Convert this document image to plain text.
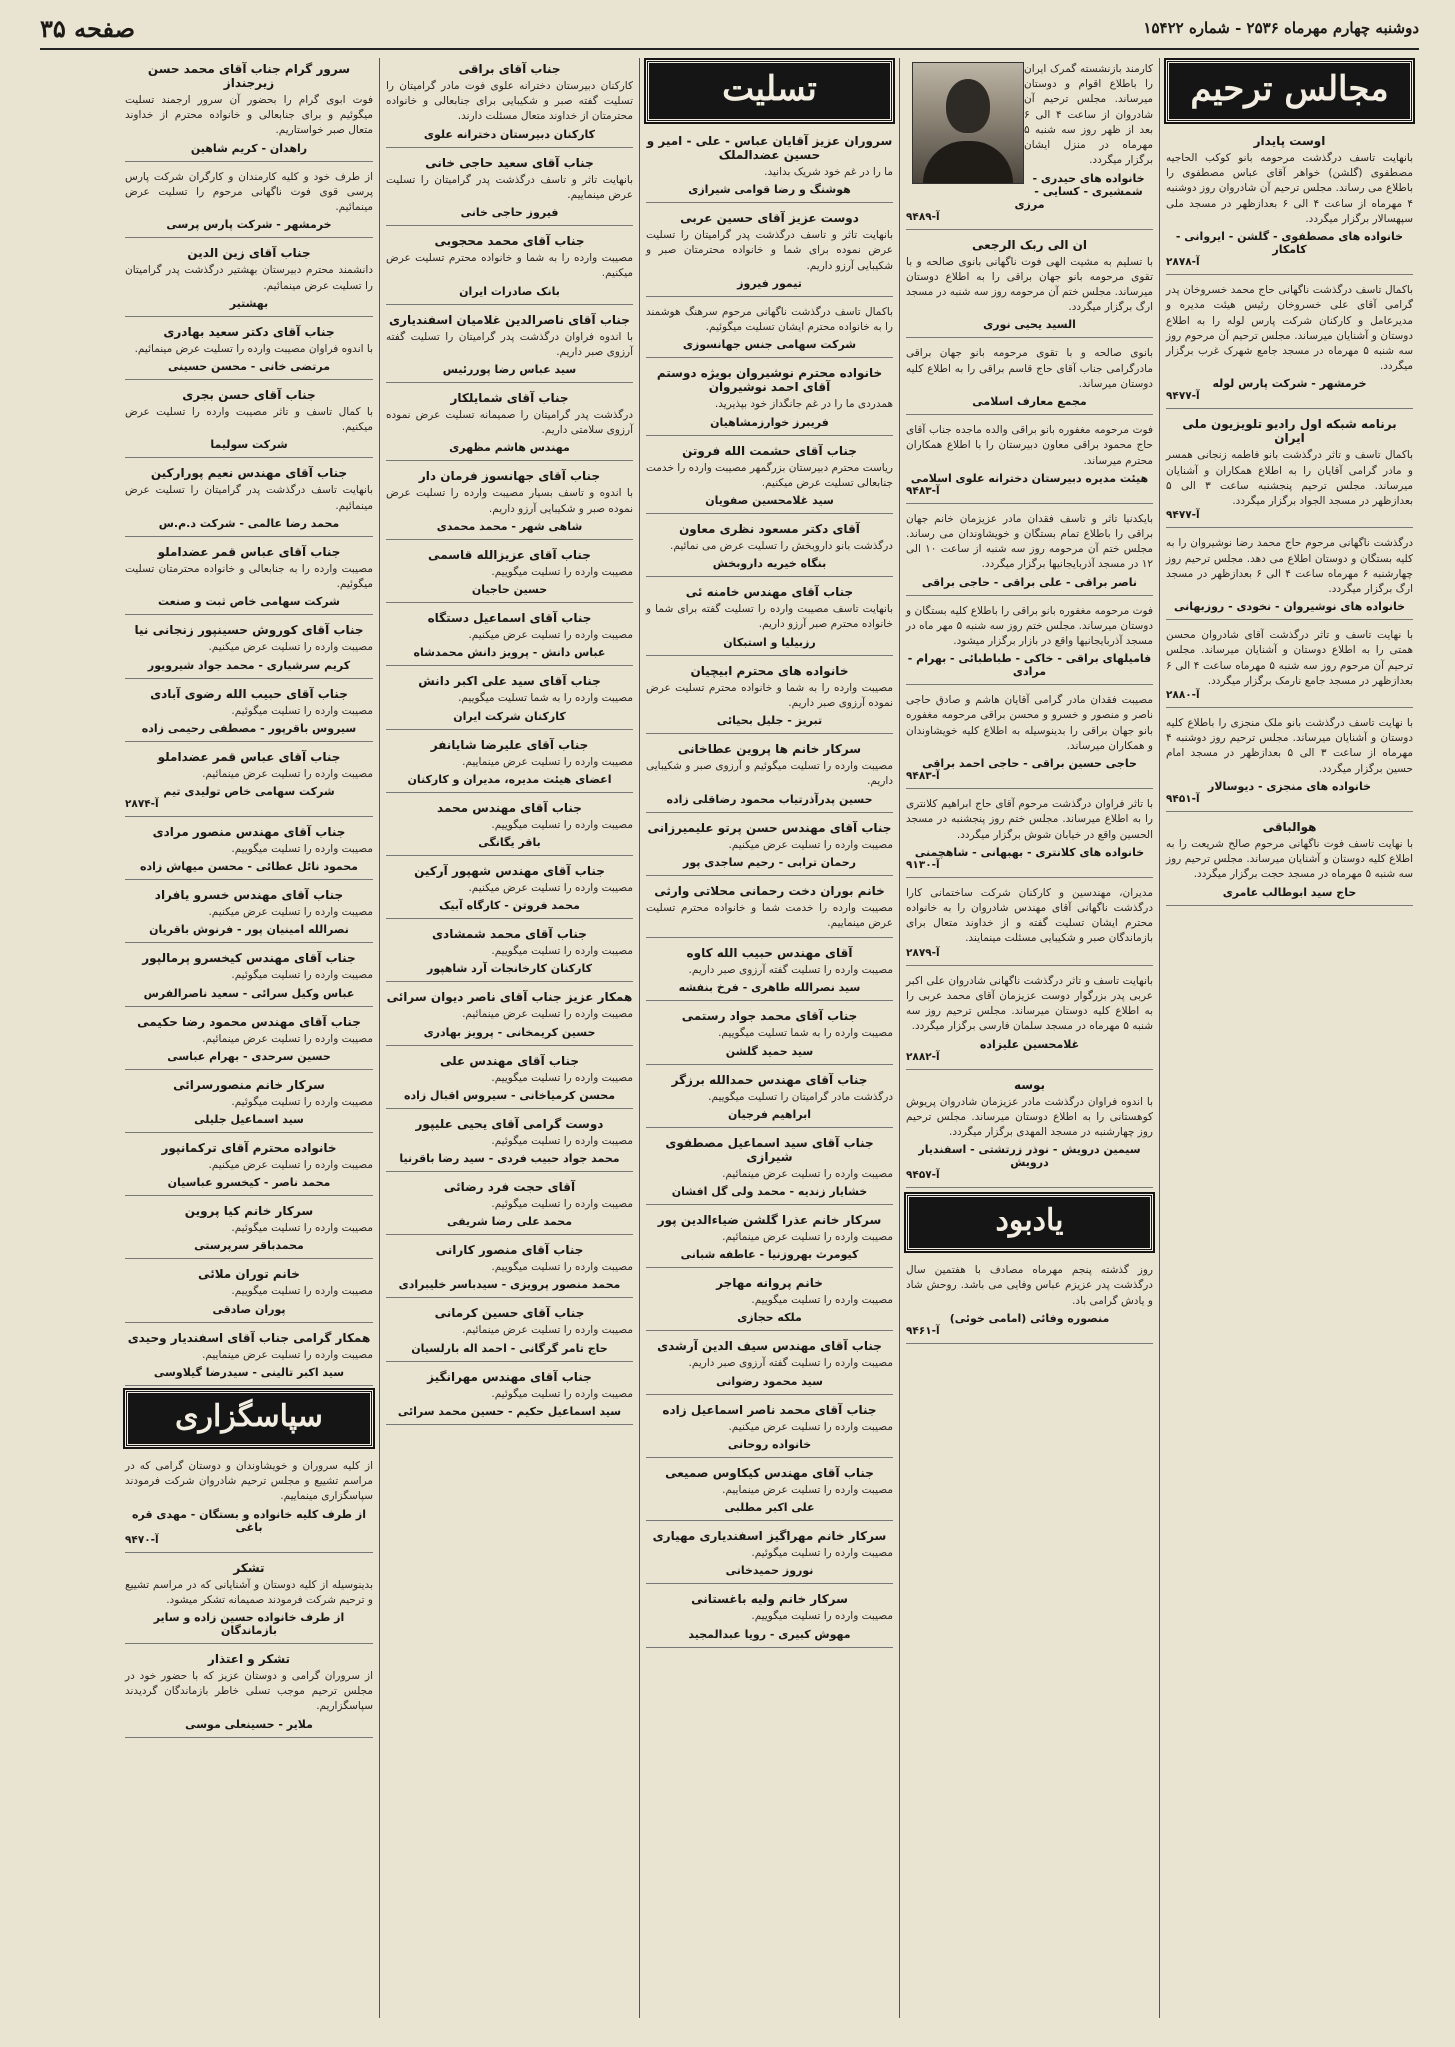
دوشنبه چهارم مهرماه ۲۵۳۶ - شماره ۱۵۴۲۲
صفحه ۳۵
مجالس ترحیم
اوست پایدار
بانهایت تاسف درگذشت مرحومه بانو کوکب الحاجیه مصطفوی (گلشن) خواهر آقای عباس مصطفوی را باطلاع می رساند. مجلس ترحیم آن شادروان روز دوشنبه ۴ مهرماه از ساعت ۴ الی ۶ بعدازظهر در مسجد ملی سپهسالار برگزار میگردد.
خانواده های مصطفوی - گلشن - ایروانی - کامکار
آ-۲۸۷۸
باکمال تاسف درگذشت ناگهانی حاج محمد خسروخان پدر گرامی آقای علی خسروخان رئیس هیئت مدیره و مدیرعامل و کارکنان شرکت پارس لوله را به اطلاع دوستان و آشنایان میرساند. مجلس ترحیم آن مرحوم روز سه شنبه ۵ مهرماه در مسجد جامع شهرک غرب برگزار میگردد.
خرمشهر - شرکت پارس لوله
آ-۹۴۷۷
برنامه شبکه اول رادیو تلویزیون ملی ایران
باکمال تاسف و تاثر درگذشت بانو فاطمه زنجانی همسر و مادر گرامی آقایان را به اطلاع همکاران و آشنایان میرساند. مجلس ترحیم پنجشنبه ساعت ۳ الی ۵ بعدازظهر در مسجد الجواد برگزار میگردد.
آ-۹۴۷۷
درگذشت ناگهانی مرحوم حاج محمد رضا نوشیروان را به کلیه بستگان و دوستان اطلاع می دهد. مجلس ترحیم روز چهارشنبه ۶ مهرماه ساعت ۴ الی ۶ بعدازظهر در مسجد ارگ برگزار میگردد.
خانواده های نوشیروان - نخودی - روزبهانی
با نهایت تاسف و تاثر درگذشت آقای شادروان محسن همتی را به اطلاع دوستان و آشنایان میرساند. مجلس ترحیم آن مرحوم روز سه شنبه ۵ مهرماه ساعت ۴ الی ۶ بعدازظهر در مسجد جامع نارمک برگزار میگردد.
آ-۲۸۸۰
با نهایت تاسف درگذشت بانو ملک منجزی را باطلاع کلیه دوستان و آشنایان میرساند. مجلس ترحیم روز دوشنبه ۴ مهرماه از ساعت ۳ الی ۵ بعدازظهر در مسجد امام حسین برگزار میگردد.
خانواده های منجزی - دیوسالار
آ-۹۴۵۱
هوالباقی
با نهایت تاسف فوت ناگهانی مرحوم صالح شریعت را به اطلاع کلیه دوستان و آشنایان میرساند. مجلس ترحیم روز سه شنبه ۵ مهرماه در مسجد حجت برگزار میگردد.
حاج سید ابوطالب عامری
کارمند بازنشسته گمرک ایران را باطلاع اقوام و دوستان میرساند. مجلس ترحیم آن شادروان از ساعت ۴ الی ۶ بعد از ظهر روز سه شنبه ۵ مهرماه در منزل ایشان برگزار میگردد.
خانواده های حیدری - شمشیری - کسایی - مرزی
آ-۹۴۸۹
ان الی ربک الرجعی
با تسلیم به مشیت الهی فوت ناگهانی بانوی صالحه و با تقوی مرحومه بانو جهان براقی را به اطلاع دوستان میرساند. مجلس ختم آن مرحومه روز سه شنبه در مسجد ارگ برگزار میگردد.
السید یحیی نوری
بانوی صالحه و با تقوی مرحومه بانو جهان براقی مادرگرامی جناب آقای حاج قاسم براقی را به اطلاع کلیه دوستان میرساند.
مجمع معارف اسلامی
فوت مرحومه مغفوره بانو براقی والده ماجده جناب آقای حاج محمود براقی معاون دبیرستان را با اطلاع همکاران محترم میرساند.
هیئت مدیره دبیرستان دخترانه علوی اسلامی
آ-۹۴۸۳
بایکدنیا تاثر و تاسف فقدان مادر عزیزمان خانم جهان براقی را باطلاع تمام بستگان و خویشاوندان می رساند. مجلس ختم آن مرحومه روز سه شنبه از ساعت ۱۰ الی ۱۲ در مسجد آذربایجانیها برگزار میگردد.
ناصر براقی - علی براقی - حاجی براقی
فوت مرحومه مغفوره بانو براقی را باطلاع کلیه بستگان و دوستان میرساند. مجلس ختم روز سه شنبه ۵ مهر ماه در مسجد آذربایجانیها واقع در بازار برگزار میشود.
فامیلهای براقی - خاکی - طباطبائی - بهرام - مرادی
مصیبت فقدان مادر گرامی آقایان هاشم و صادق حاجی ناصر و منصور و خسرو و محسن براقی مرحومه مغفوره بانو جهان براقی را بدینوسیله به اطلاع کلیه خویشاوندان و همکاران میرساند.
حاجی حسین براقی - حاجی احمد براقی
آ-۹۴۸۳
با تاثر فراوان درگذشت مرحوم آقای حاج ابراهیم کلانتری را به اطلاع میرساند. مجلس ختم روز پنجشنبه در مسجد الحسین واقع در خیابان شوش برگزار میگردد.
خانواده های کلانتری - بهبهانی - شاهچمنی
آ-۹۱۳۰
مدیران، مهندسین و کارکنان شرکت ساختمانی کارا درگذشت ناگهانی آقای مهندس شادروان را به خانواده محترم ایشان تسلیت گفته و از خداوند متعال برای بازماندگان صبر و شکیبایی مسئلت مینمایند.
آ-۲۸۷۹
بانهایت تاسف و تاثر درگذشت ناگهانی شادروان علی اکبر عربی پدر بزرگوار دوست عزیزمان آقای محمد عربی را به اطلاع کلیه دوستان میرساند. مجلس ترحیم روز سه شنبه ۵ مهرماه در مسجد سلمان فارسی برگزار میگردد.
غلامحسین علیزاده
آ-۲۸۸۲
بوسه
با اندوه فراوان درگذشت مادر عزیزمان شادروان پریوش کوهستانی را به اطلاع دوستان میرساند. مجلس ترحیم روز چهارشنبه در مسجد المهدی برگزار میگردد.
سیمین درویش - نوذر زرتشتی - اسفندیار درویش
آ-۹۴۵۷
یادبود
روز گذشته پنجم مهرماه مصادف با هفتمین سال درگذشت پدر عزیزم عباس وفایی می باشد. روحش شاد و یادش گرامی باد.
منصوره وفائی (امامی خوئی)
آ-۹۴۶۱
تسلیت
سروران عزیز آقایان عباس - علی - امیر و حسین عضدالملک
ما را در غم خود شریک بدانید.
هوشنگ و رضا قوامی شیرازی
دوست عزیز آقای حسین عربی
بانهایت تاثر و تاسف درگذشت پدر گرامیتان را تسلیت عرض نموده برای شما و خانواده محترمتان صبر و شکیبایی آرزو داریم.
تیمور فیروز
باکمال تاسف درگذشت ناگهانی مرحوم سرهنگ هوشمند را به خانواده محترم ایشان تسلیت میگوئیم.
شرکت سهامی جنس جهانسوزی
خانواده محترم نوشیروان بویژه دوستم آقای احمد نوشیروان
همدردی ما را در غم جانگداز خود بپذیرید.
فریبرز خوارزمشاهیان
جناب آقای حشمت الله فروتن
ریاست محترم دبیرستان بزرگمهر مصیبت وارده را خدمت جنابعالی تسلیت عرض میکنیم.
سید غلامحسین صفویان
آقای دکتر مسعود نظری معاون
درگذشت بانو داروبخش را تسلیت عرض می نمائیم.
بنگاه خیریه داروبخش
جناب آقای مهندس خامنه ئی
بانهایت تاسف مصیبت وارده را تسلیت گفته برای شما و خانواده محترم صبر آرزو داریم.
رزبیلیا و استبکان
خانواده های محترم ابیچیان
مصیبت وارده را به شما و خانواده محترم تسلیت عرض نموده آرزوی صبر داریم.
تبریز - جلیل بحیائی
سرکار خانم ها پروین عطاخانی
مصیبت وارده را تسلیت میگوئیم و آرزوی صبر و شکیبایی داریم.
حسین پدرآذرتیاب محمود رضاقلی زاده
جناب آقای مهندس حسن پرتو علیمیرزانی
مصیبت وارده را تسلیت عرض میکنیم.
رحمان ترابی - رحیم ساجدی پور
خانم بوران دخت رحمانی محلاتی وارثی
مصیبت وارده را خدمت شما و خانواده محترم تسلیت عرض مینماییم.
آقای مهندس حبیب الله کاوه
مصیبت وارده را تسلیت گفته آرزوی صبر داریم.
سید نصرالله طاهری - فرخ بنفشه
جناب آقای محمد جواد رستمی
مصیبت وارده را به شما تسلیت میگوییم.
سید حمید گلشن
جناب آقای مهندس حمدالله برزگر
درگذشت مادر گرامیتان را تسلیت میگوییم.
ابراهیم فرجیان
جناب آقای سید اسماعیل مصطفوی شیرازی
مصیبت وارده را تسلیت عرض مینمائیم.
خشایار زندیه - محمد ولی گل افشان
سرکار خانم عذرا گلشن ضیاءالدین پور
مصیبت وارده را تسلیت عرض مینمائیم.
کیومرث بهروزنیا - عاطفه شبانی
خانم پروانه مهاجر
مصیبت وارده را تسلیت میگوییم.
ملکه حجازی
جناب آقای مهندس سیف الدین آرشدی
مصیبت وارده را تسلیت گفته آرزوی صبر داریم.
سید محمود رضوانی
جناب آقای محمد ناصر اسماعیل زاده
مصیبت وارده را تسلیت عرض میکنیم.
خانواده روحانی
جناب آقای مهندس کیکاوس صمیعی
مصیبت وارده را تسلیت عرض مینماییم.
علی اکبر مطلبی
سرکار خانم مهراگیز اسفندیاری مهیاری
مصیبت وارده را تسلیت میگوئیم.
نوروز حمیدخانی
سرکار خانم ولیه باغستانی
مصیبت وارده را تسلیت میگوییم.
مهوش کبیری - رویا عبدالمجید
جناب آقای براقی
کارکنان دبیرستان دخترانه علوی فوت مادر گرامیتان را تسلیت گفته صبر و شکیبایی برای جنابعالی و خانواده محترمتان از خداوند متعال مسئلت دارند.
کارکنان دبیرستان دخترانه علوی
جناب آقای سعید حاجی خانی
بانهایت تاثر و تاسف درگذشت پدر گرامیتان را تسلیت عرض مینماییم.
فیروز حاجی خانی
جناب آقای محمد محجوبی
مصیبت وارده را به شما و خانواده محترم تسلیت عرض میکنیم.
بانک صادرات ایران
جناب آقای ناصرالدین غلامیان اسفندیاری
با اندوه فراوان درگذشت پدر گرامیتان را تسلیت گفته آرزوی صبر داریم.
سید عباس رضا پوررئیس
جناب آقای شمایلکار
درگذشت پدر گرامیتان را صمیمانه تسلیت عرض نموده آرزوی سلامتی داریم.
مهندس هاشم مظهری
جناب آقای جهانسوز فرمان دار
با اندوه و تاسف بسیار مصیبت وارده را تسلیت عرض نموده صبر و شکیبایی آرزو داریم.
شاهی شهر - محمد محمدی
جناب آقای عزیزالله قاسمی
مصیبت وارده را تسلیت میگوییم.
حسین حاجیان
جناب آقای اسماعیل دستگاه
مصیبت وارده را تسلیت عرض میکنیم.
عباس دانش - پرویز دانش محمدشاه
جناب آقای سید علی اکبر دانش
مصیبت وارده را به شما تسلیت میگوییم.
کارکنان شرکت ایران
جناب آقای علیرضا شایانفر
مصیبت وارده را تسلیت عرض مینماییم.
اعضای هیئت مدیره، مدیران و کارکنان
جناب آقای مهندس محمد
مصیبت وارده را تسلیت میگوییم.
باقر یگانگی
جناب آقای مهندس شهپور آرکین
مصیبت وارده را تسلیت عرض میکنیم.
محمد فروتن - کارگاه آبیک
جناب آقای محمد شمشادی
مصیبت وارده را تسلیت میگوییم.
کارکنان کارخانجات آرد شاهپور
همکار عزیز جناب آقای ناصر دیوان سرائی
مصیبت وارده را تسلیت عرض مینمائیم.
حسین کریمخانی - پرویز بهادری
جناب آقای مهندس علی
مصیبت وارده را تسلیت میگوییم.
محسن کرمیاخانی - سیروس اقبال زاده
دوست گرامی آقای یحیی علیپور
مصیبت وارده را تسلیت میگوئیم.
محمد جواد حبیب فردی - سید رضا باقرنیا
آقای حجت فرد رضائی
مصیبت وارده را تسلیت میگوئیم.
محمد علی رضا شریفی
جناب آقای منصور کارانی
مصیبت وارده را تسلیت میگوییم.
محمد منصور پرویزی - سیدباسر خلیبرادی
جناب آقای حسین کرمانی
مصیبت وارده را تسلیت عرض مینمائیم.
حاج تامر گرگانی - احمد اله بارلسیان
جناب آقای مهندس مهرانگیز
مصیبت وارده را تسلیت میگوئیم.
سید اسماعیل حکیم - حسین محمد سرائی
سرور گرام جناب آقای محمد حسن زیرجنداز
فوت ابوی گرام را بحضور آن سرور ارجمند تسلیت میگوئیم و برای جنابعالی و خانواده محترم از خداوند متعال صبر خواستاریم.
راهدان - کریم شاهین
از طرف خود و کلیه کارمندان و کارگران شرکت پارس پرسی قوی فوت ناگهانی مرحوم را تسلیت عرض مینمائیم.
خرمشهر - شرکت پارس پرسی
جناب آقای زین الدین
دانشمند محترم دبیرستان بهشتیر درگذشت پدر گرامیتان را تسلیت عرض مینمائیم.
بهشتیر
جناب آقای دکتر سعید بهادری
با اندوه فراوان مصیبت وارده را تسلیت عرض مینمائیم.
مرتضی خانی - محسن حسینی
جناب آقای حسن بجری
با کمال تاسف و تاثر مصیبت وارده را تسلیت عرض میکنیم.
شرکت سولیما
جناب آقای مهندس نعیم پورارکین
بانهایت تاسف درگذشت پدر گرامیتان را تسلیت عرض مینمائیم.
محمد رضا عالمی - شرکت د.م.س
جناب آقای عباس قمر عضداملو
مصیبت وارده را به جنابعالی و خانواده محترمتان تسلیت میگوئیم.
شرکت سهامی خاص ثبت و صنعت
جناب آقای کوروش حسینپور زنجانی نیا
مصیبت وارده را تسلیت عرض میکنیم.
کریم سرشیاری - محمد جواد شیرویور
جناب آقای حبیب الله رضوی آبادی
مصیبت وارده را تسلیت میگوئیم.
سیروس باقرپور - مصطفی رحیمی زاده
جناب آقای عباس قمر عضداملو
مصیبت وارده را تسلیت عرض مینمائیم.
شرکت سهامی خاص تولیدی تیم
آ-۲۸۷۴
جناب آقای مهندس منصور مرادی
مصیبت وارده را تسلیت میگوییم.
محمود نائل عطائی - محسن میهاش زاده
جناب آقای مهندس خسرو یافراد
مصیبت وارده را تسلیت عرض میکنیم.
نصرالله امینیان پور - فرنوش باقریان
جناب آقای مهندس کیخسرو پرمالپور
مصیبت وارده را تسلیت میگوئیم.
عباس وکیل سرائی - سعید ناصرالفرس
جناب آقای مهندس محمود رضا حکیمی
مصیبت وارده را تسلیت عرض مینمائیم.
حسین سرحدی - بهرام عباسی
سرکار خانم منصورسرائی
مصیبت وارده را تسلیت میگوئیم.
سید اسماعیل جلیلی
خانواده محترم آقای ترکمانپور
مصیبت وارده را تسلیت عرض میکنیم.
محمد ناصر - کیخسرو عباسیان
سرکار خانم کیا پروین
مصیبت وارده را تسلیت میگوئیم.
محمدباقر سرپرستی
خانم توران ملائی
مصیبت وارده را تسلیت میگوییم.
پوران صادقی
همکار گرامی جناب آقای اسفندیار وحیدی
مصیبت وارده را تسلیت عرض مینماییم.
سید اکبر تالینی - سیدرضا گیلاوسی
سپاسگزاری
از کلیه سروران و خویشاوندان و دوستان گرامی که در مراسم تشییع و مجلس ترحیم شادروان شرکت فرمودند سپاسگزاری مینماییم.
از طرف کلیه خانواده و بستگان - مهدی قره باغی
آ-۹۴۷۰
تشکر
بدینوسیله از کلیه دوستان و آشنایانی که در مراسم تشییع و ترحیم شرکت فرمودند صمیمانه تشکر میشود.
از طرف خانواده حسین زاده و سایر بازماندگان
تشکر و اعتذار
از سروران گرامی و دوستان عزیز که با حضور خود در مجلس ترحیم موجب تسلی خاطر بازماندگان گردیدند سپاسگزاریم.
ملایر - حسینعلی موسی
